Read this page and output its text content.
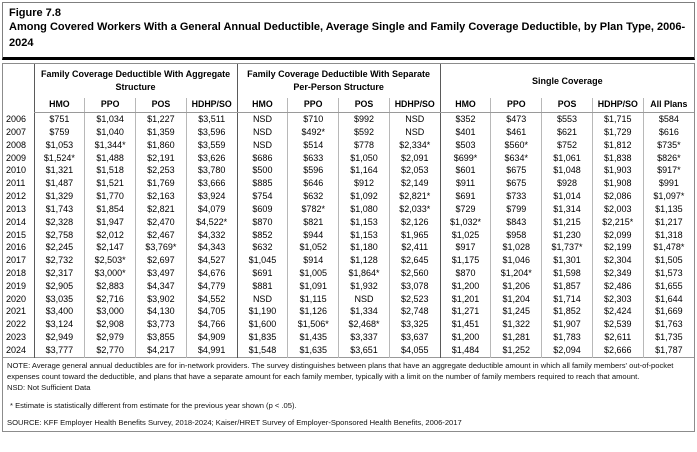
Figure 7.8
Among Covered Workers With a General Annual Deductible, Average Single and Family Coverage Deductible, by Plan Type, 2006-2024
	Family Coverage Deductible With Aggregate Structure				Family Coverage Deductible With Separate Per-Person Structure				Single Coverage				
	HMO	PPO	POS	HDHP/SO	HMO	PPO	POS	HDHP/SO	HMO	PPO	POS	HDHP/SO	All Plans
2006	$751	$1,034	$1,227	$3,511	NSD	$710	$992	NSD	$352	$473	$553	$1,715	$584
2007	$759	$1,040	$1,359	$3,596	NSD	$492*	$592	NSD	$401	$461	$621	$1,729	$616
2008	$1,053	$1,344*	$1,860	$3,559	NSD	$514	$778	$2,334*	$503	$560*	$752	$1,812	$735*
2009	$1,524*	$1,488	$2,191	$3,626	$686	$633	$1,050	$2,091	$699*	$634*	$1,061	$1,838	$826*
2010	$1,321	$1,518	$2,253	$3,780	$500	$596	$1,164	$2,053	$601	$675	$1,048	$1,903	$917*
2011	$1,487	$1,521	$1,769	$3,666	$885	$646	$912	$2,149	$911	$675	$928	$1,908	$991
2012	$1,329	$1,770	$2,163	$3,924	$754	$632	$1,092	$2,821*	$691	$733	$1,014	$2,086	$1,097*
2013	$1,743	$1,854	$2,821	$4,079	$609	$782*	$1,080	$2,033*	$729	$799	$1,314	$2,003	$1,135
2014	$2,328	$1,947	$2,470	$4,522*	$870	$821	$1,153	$2,126	$1,032*	$843	$1,215	$2,215*	$1,217
2015	$2,758	$2,012	$2,467	$4,332	$852	$944	$1,153	$1,965	$1,025	$958	$1,230	$2,099	$1,318
2016	$2,245	$2,147	$3,769*	$4,343	$632	$1,052	$1,180	$2,411	$917	$1,028	$1,737*	$2,199	$1,478*
2017	$2,732	$2,503*	$2,697	$4,527	$1,045	$914	$1,128	$2,645	$1,175	$1,046	$1,301	$2,304	$1,505
2018	$2,317	$3,000*	$3,497	$4,676	$691	$1,005	$1,864*	$2,560	$870	$1,204*	$1,598	$2,349	$1,573
2019	$2,905	$2,883	$4,347	$4,779	$881	$1,091	$1,932	$3,078	$1,200	$1,206	$1,857	$2,486	$1,655
2020	$3,035	$2,716	$3,902	$4,552	NSD	$1,115	NSD	$2,523	$1,201	$1,204	$1,714	$2,303	$1,644
2021	$3,400	$3,000	$4,130	$4,705	$1,190	$1,126	$1,334	$2,748	$1,271	$1,245	$1,852	$2,424	$1,669
2022	$3,124	$2,908	$3,773	$4,766	$1,600	$1,506*	$2,468*	$3,325	$1,451	$1,322	$1,907	$2,539	$1,763
2023	$2,949	$2,979	$3,855	$4,909	$1,835	$1,435	$3,337	$3,637	$1,200	$1,281	$1,783	$2,611	$1,735
2024	$3,777	$2,770	$4,217	$4,991	$1,548	$1,635	$3,651	$4,055	$1,484	$1,252	$2,094	$2,666	$1,787
NOTE: Average general annual deductibles are for in-network providers. The survey distinguishes between plans that have an aggregate deductible amount in which all family members' out-of-pocket expenses count toward the deductible, and plans that have a separate amount for each family member, typically with a limit on the number of family members required to reach that amount.
NSD: Not Sufficient Data
* Estimate is statistically different from estimate for the previous year shown (p < .05).
SOURCE: KFF Employer Health Benefits Survey, 2018-2024; Kaiser/HRET Survey of Employer-Sponsored Health Benefits, 2006-2017
